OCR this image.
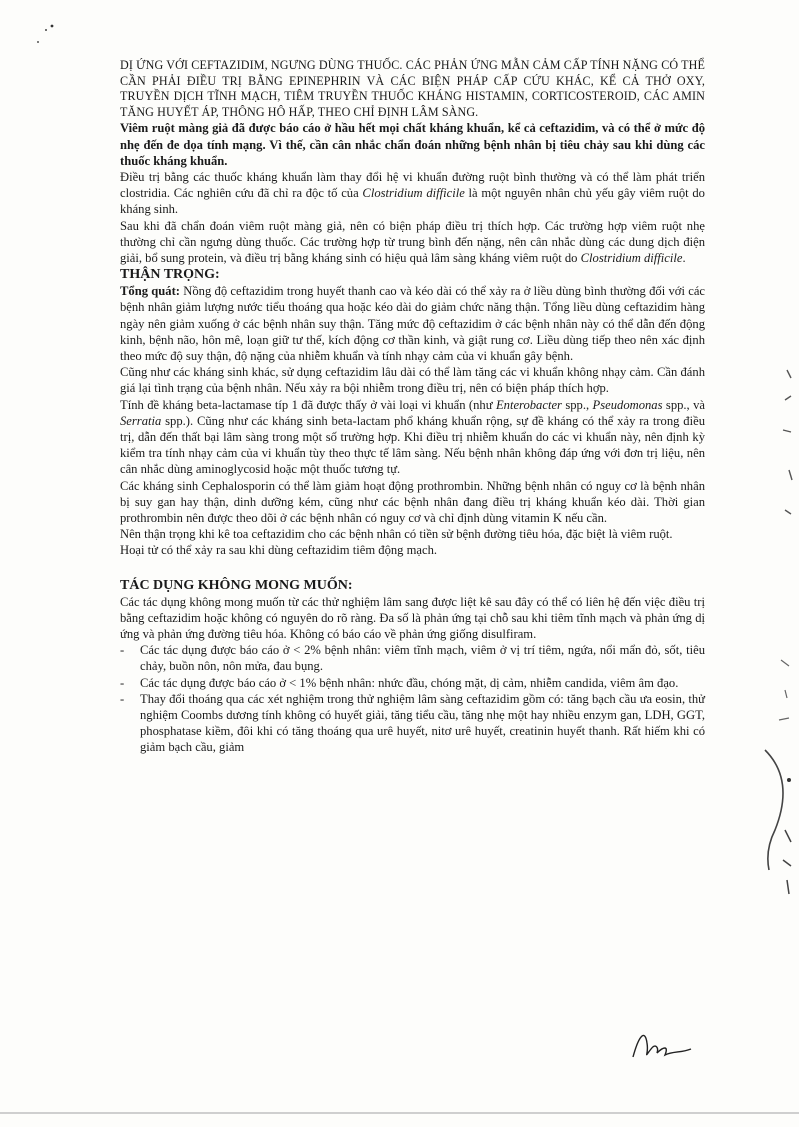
DỊ ỨNG VỚI CEFTAZIDIM, NGƯNG DÙNG THUỐC. CÁC PHẢN ỨNG MẪN CẢM CẤP TÍNH NẶNG CÓ THỂ CẦN PHẢI ĐIỀU TRỊ BẰNG EPINEPHRIN VÀ CÁC BIỆN PHÁP CẤP CỨU KHÁC, KỂ CẢ THỞ OXY, TRUYỀN DỊCH TĨNH MẠCH, TIÊM TRUYỀN THUỐC KHÁNG HISTAMIN, CORTICOSTEROID, CÁC AMIN TĂNG HUYẾT ÁP, THÔNG HÔ HẤP, THEO CHỈ ĐỊNH LÂM SÀNG.

Viêm ruột màng giả đã được báo cáo ở hầu hết mọi chất kháng khuẩn, kể cả ceftazidim, và có thể ở mức độ nhẹ đến đe dọa tính mạng. Vì thế, cần cân nhắc chẩn đoán những bệnh nhân bị tiêu chảy sau khi dùng các thuốc kháng khuẩn.

Điều trị bằng các thuốc kháng khuẩn làm thay đổi hệ vi khuẩn đường ruột bình thường và có thể làm phát triển clostridia. Các nghiên cứu đã chỉ ra độc tố của Clostridium difficile là một nguyên nhân chủ yếu gây viêm ruột do kháng sinh.

Sau khi đã chẩn đoán viêm ruột màng giả, nên có biện pháp điều trị thích hợp. Các trường hợp viêm ruột nhẹ thường chỉ cần ngưng dùng thuốc. Các trường hợp từ trung bình đến nặng, nên cân nhắc dùng các dung dịch điện giải, bổ sung protein, và điều trị bằng kháng sinh có hiệu quả lâm sàng kháng viêm ruột do Clostridium difficile.

THẬN TRỌNG:

Tổng quát: Nồng độ ceftazidim trong huyết thanh cao và kéo dài có thể xảy ra ở liều dùng bình thường đối với các bệnh nhân giảm lượng nước tiểu thoáng qua hoặc kéo dài do giảm chức năng thận. Tổng liều dùng ceftazidim hàng ngày nên giảm xuống ở các bệnh nhân suy thận. Tăng mức độ ceftazidim ở các bệnh nhân này có thể dẫn đến động kinh, bệnh não, hôn mê, loạn giữ tư thế, kích động cơ thần kinh, và giật rung cơ. Liều dùng tiếp theo nên xác định theo mức độ suy thận, độ nặng của nhiễm khuẩn và tính nhạy cảm của vi khuẩn gây bệnh.

Cũng như các kháng sinh khác, sử dụng ceftazidim lâu dài có thể làm tăng các vi khuẩn không nhạy cảm. Cần đánh giá lại tình trạng của bệnh nhân. Nếu xảy ra bội nhiễm trong điều trị, nên có biện pháp thích hợp.

Tính đề kháng beta-lactamase típ 1 đã được thấy ở vài loại vi khuẩn (như Enterobacter spp., Pseudomonas spp., và Serratia spp.). Cũng như các kháng sinh beta-lactam phổ kháng khuẩn rộng, sự đề kháng có thể xảy ra trong điều trị, dẫn đến thất bại lâm sàng trong một số trường hợp. Khi điều trị nhiễm khuẩn do các vi khuẩn này, nên định kỳ kiểm tra tính nhạy cảm của vi khuẩn tùy theo thực tế lâm sàng. Nếu bệnh nhân không đáp ứng với đơn trị liệu, nên cân nhắc dùng aminoglycosid hoặc một thuốc tương tự.

Các kháng sinh Cephalosporin có thể làm giảm hoạt động prothrombin. Những bệnh nhân có nguy cơ là bệnh nhân bị suy gan hay thận, dinh dưỡng kém, cũng như các bệnh nhân đang điều trị kháng khuẩn kéo dài. Thời gian prothrombin nên được theo dõi ở các bệnh nhân có nguy cơ và chỉ định dùng vitamin K nếu cần.

Nên thận trọng khi kê toa ceftazidim cho các bệnh nhân có tiền sử bệnh đường tiêu hóa, đặc biệt là viêm ruột.

Hoại tử có thể xảy ra sau khi dùng ceftazidim tiêm động mạch.

TÁC DỤNG KHÔNG MONG MUỐN:

Các tác dụng không mong muốn từ các thử nghiệm lâm sang được liệt kê sau đây có thể có liên hệ đến việc điều trị bằng ceftazidim hoặc không có nguyên do rõ ràng. Đa số là phản ứng tại chỗ sau khi tiêm tĩnh mạch và phản ứng dị ứng và phản ứng đường tiêu hóa. Không có báo cáo về phản ứng giống disulfiram.

- Các tác dụng được báo cáo ở < 2% bệnh nhân: viêm tĩnh mạch, viêm ở vị trí tiêm, ngứa, nổi mẩn đỏ, sốt, tiêu chảy, buồn nôn, nôn mửa, đau bụng.
- Các tác dụng được báo cáo ở < 1% bệnh nhân: nhức đầu, chóng mặt, dị cảm, nhiễm candida, viêm âm đạo.
- Thay đổi thoáng qua các xét nghiệm trong thử nghiệm lâm sàng ceftazidim gồm có: tăng bạch cầu ưa eosin, thử nghiệm Coombs dương tính không có huyết giải, tăng tiểu cầu, tăng nhẹ một hay nhiều enzym gan, LDH, GGT, phosphatase kiềm, đôi khi có tăng thoáng qua urê huyết, nitơ urê huyết, creatinin huyết thanh. Rất hiếm khi có giảm bạch cầu, giảm
